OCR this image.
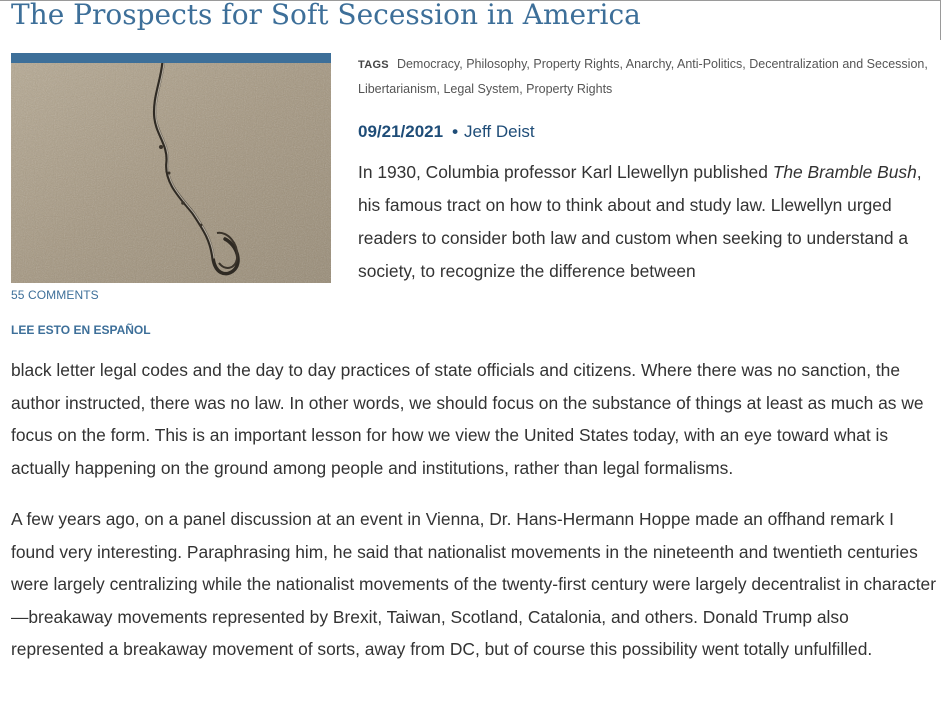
The Prospects for Soft Secession in America
55 COMMENTS
LEE ESTO EN ESPAÑOL
TAGS Democracy, Philosophy, Property Rights, Anarchy, Anti-Politics, Decentralization and Secession, Libertarianism, Legal System, Property Rights
09/21/2021 • Jeff Deist

In 1930, Columbia professor Karl Llewellyn published The Bramble Bush, his famous tract on how to think about and study law. Llewellyn urged readers to consider both law and custom when seeking to understand a society, to recognize the difference between

black letter legal codes and the day to day practices of state officials and citizens. Where there was no sanction, the author instructed, there was no law. In other words, we should focus on the substance of things at least as much as we focus on the form. This is an important lesson for how we view the United States today, with an eye toward what is actually happening on the ground among people and institutions, rather than legal formalisms.

A few years ago, on a panel discussion at an event in Vienna, Dr. Hans-Hermann Hoppe made an offhand remark I found very interesting. Paraphrasing him, he said that nationalist movements in the nineteenth and twentieth centuries were largely centralizing while the nationalist movements of the twenty-first century were largely decentralist in character—breakaway movements represented by Brexit, Taiwan, Scotland, Catalonia, and others. Donald Trump also represented a breakaway movement of sorts, away from DC, but of course this possibility went totally unfulfilled.
